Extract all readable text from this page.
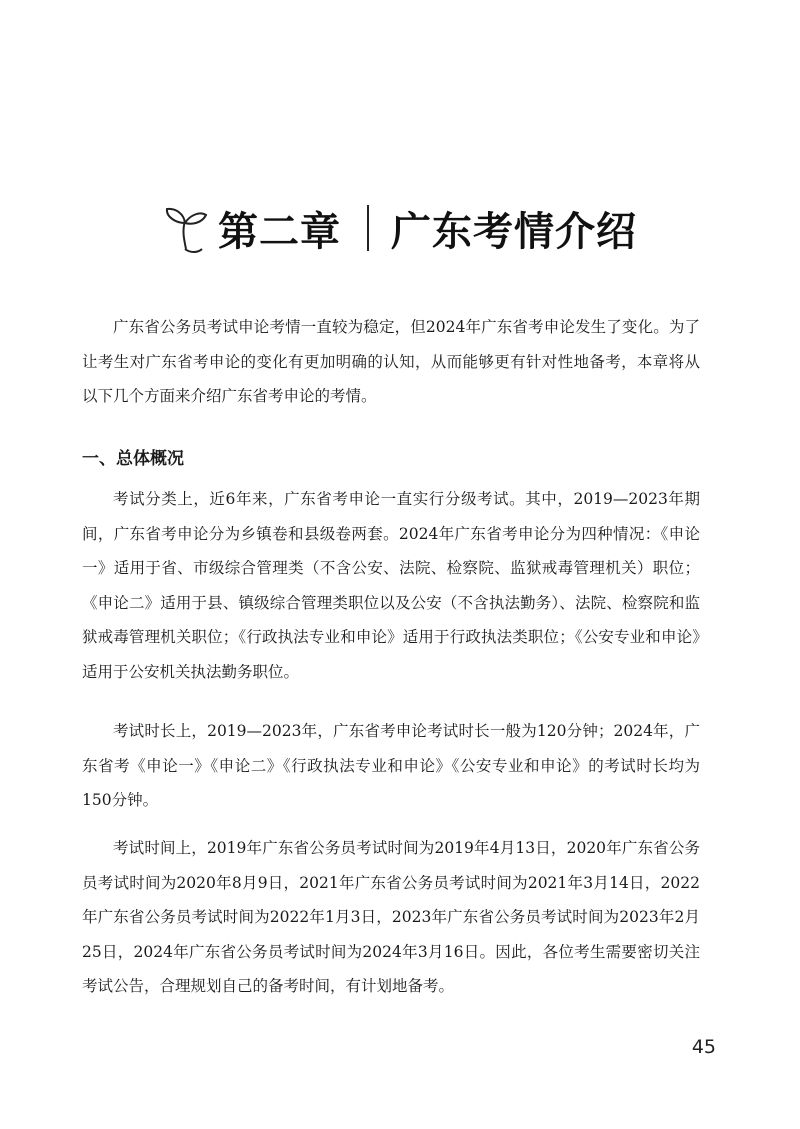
第二章 广东考情介绍

广东省公务员考试申论考情一直较为稳定，但2024年广东省考申论发生了变化。为了让考生对广东省考申论的变化有更加明确的认知，从而能够更有针对性地备考，本章将从以下几个方面来介绍广东省考申论的考情。

一、总体概况

考试分类上，近6年来，广东省考申论一直实行分级考试。其中，2019—2023年期间，广东省考申论分为乡镇卷和县级卷两套。2024年广东省考申论分为四种情况：《申论一》适用于省、市级综合管理类（不含公安、法院、检察院、监狱戒毒管理机关）职位；《申论二》适用于县、镇级综合管理类职位以及公安（不含执法勤务）、法院、检察院和监狱戒毒管理机关职位；《行政执法专业和申论》适用于行政执法类职位；《公安专业和申论》适用于公安机关执法勤务职位。

考试时长上，2019—2023年，广东省考申论考试时长一般为120分钟；2024年，广东省考《申论一》《申论二》《行政执法专业和申论》《公安专业和申论》的考试时长均为150分钟。

考试时间上，2019年广东省公务员考试时间为2019年4月13日，2020年广东省公务员考试时间为2020年8月9日，2021年广东省公务员考试时间为2021年3月14日，2022年广东省公务员考试时间为2022年1月3日，2023年广东省公务员考试时间为2023年2月25日，2024年广东省公务员考试时间为2024年3月16日。因此，各位考生需要密切关注考试公告，合理规划自己的备考时间，有计划地备考。

45
